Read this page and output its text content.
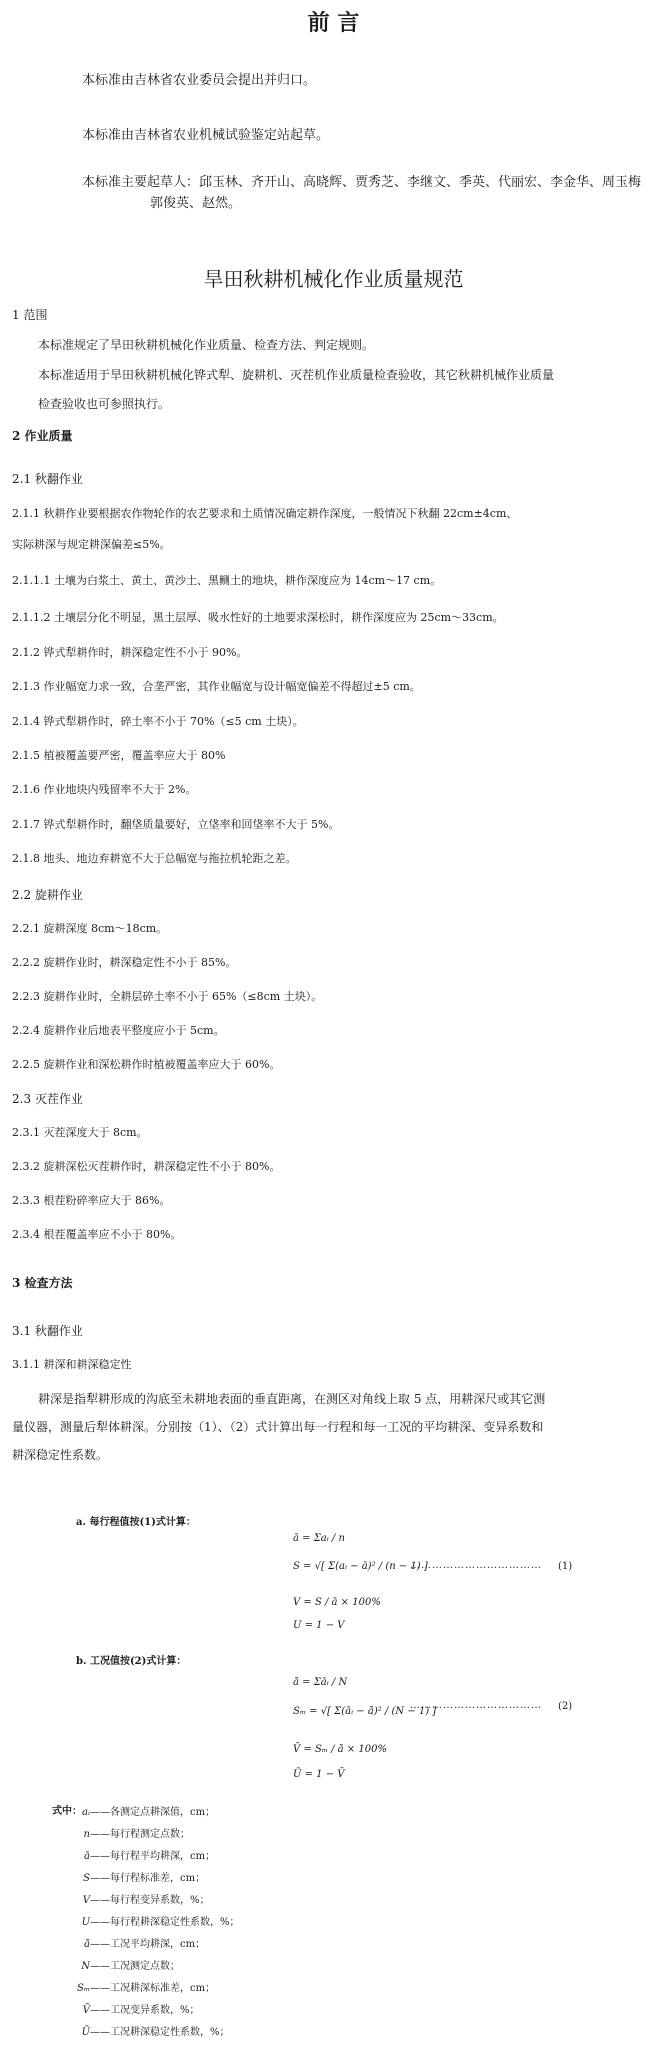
前 言
本标准由吉林省农业委员会提出并归口。
本标准由吉林省农业机械试验鉴定站起草。
本标准主要起草人：邱玉林、齐开山、高晓辉、贾秀芝、李继文、季英、代丽宏、李金华、周玉梅
郭俊英、赵然。
旱田秋耕机械化作业质量规范
1 范围
本标准规定了旱田秋耕机械化作业质量、检查方法、判定规则。
本标准适用于旱田秋耕机械化铧式犁、旋耕机、灭茬机作业质量检查验收，其它秋耕机械作业质量
检查验收也可参照执行。
2 作业质量
2.1 秋翻作业
2.1.1 秋耕作业要根据农作物轮作的农艺要求和土质情况确定耕作深度，一般情况下秋翻 22cm±4cm、
实际耕深与规定耕深偏差≤5%。
2.1.1.1 土壤为白浆土、黄土、黄沙土、黑鲗土的地块，耕作深度应为 14cm～17 cm。
2.1.1.2 土壤层分化不明显，黑土层厚、吸水性好的土地要求深松时，耕作深度应为 25cm～33cm。
2.1.2 铧式犁耕作时，耕深稳定性不小于 90%。
2.1.3 作业幅宽力求一致，合垄严密，其作业幅宽与设计幅宽偏差不得超过±5 cm。
2.1.4 铧式犁耕作时，碎土率不小于 70%（≤5 cm 土块）。
2.1.5 植被覆盖要严密，覆盖率应大于 80%
2.1.6 作业地块内残留率不大于 2%。
2.1.7 铧式犁耕作时，翻垡质量要好，立垡率和回垡率不大于 5%。
2.1.8 地头、地边弃耕宽不大于总幅宽与拖拉机轮距之差。
2.2 旋耕作业
2.2.1 旋耕深度 8cm～18cm。
2.2.2 旋耕作业时，耕深稳定性不小于 85%。
2.2.3 旋耕作业时，全耕层碎土率不小于 65%（≤8cm 土块）。
2.2.4 旋耕作业后地表平整度应小于 5cm。
2.2.5 旋耕作业和深松耕作时植被覆盖率应大于 60%。
2.3 灭茬作业
2.3.1 灭茬深度大于 8cm。
2.3.2 旋耕深松灭茬耕作时，耕深稳定性不小于 80%。
2.3.3 根茬粉碎率应大于 86%。
2.3.4 根茬覆盖率应不小于 80%。
3 检查方法
3.1 秋翻作业
3.1.1 耕深和耕深稳定性
耕深是指犁耕形成的沟底至未耕地表面的垂直距离，在测区对角线上取 5 点，用耕深尺或其它测
量仪器，测量后犁体耕深。分别按（1）、（2）式计算出每一行程和每一工况的平均耕深、变异系数和
耕深稳定性系数。
a. 每行程值按(1)式计算：
ā = Σaᵢ / n
S = √[ Σ(aᵢ − ā)² / (n − 1) ]
V = S / ā × 100%
U = 1 − V
……………………………… (1)
b. 工况值按(2)式计算：
ā̄ = Σāᵢ / N
Sₘ = √[ Σ(āᵢ − ā̄)² / (N − 1) ]
V̄ = Sₘ / ā̄ × 100%
Ū = 1 − V̄
……………………………… (2)
式中： aᵢ——各测定点耕深值，cm；
n——每行程测定点数；
ā——每行程平均耕深，cm；
S——每行程标准差，cm；
V——每行程变异系数，%；
U——每行程耕深稳定性系数，%；
ā̄——工况平均耕深，cm；
N——工况测定点数；
Sₘ——工况耕深标准差，cm；
V̄——工况变异系数，%；
Ū——工况耕深稳定性系数，%；
